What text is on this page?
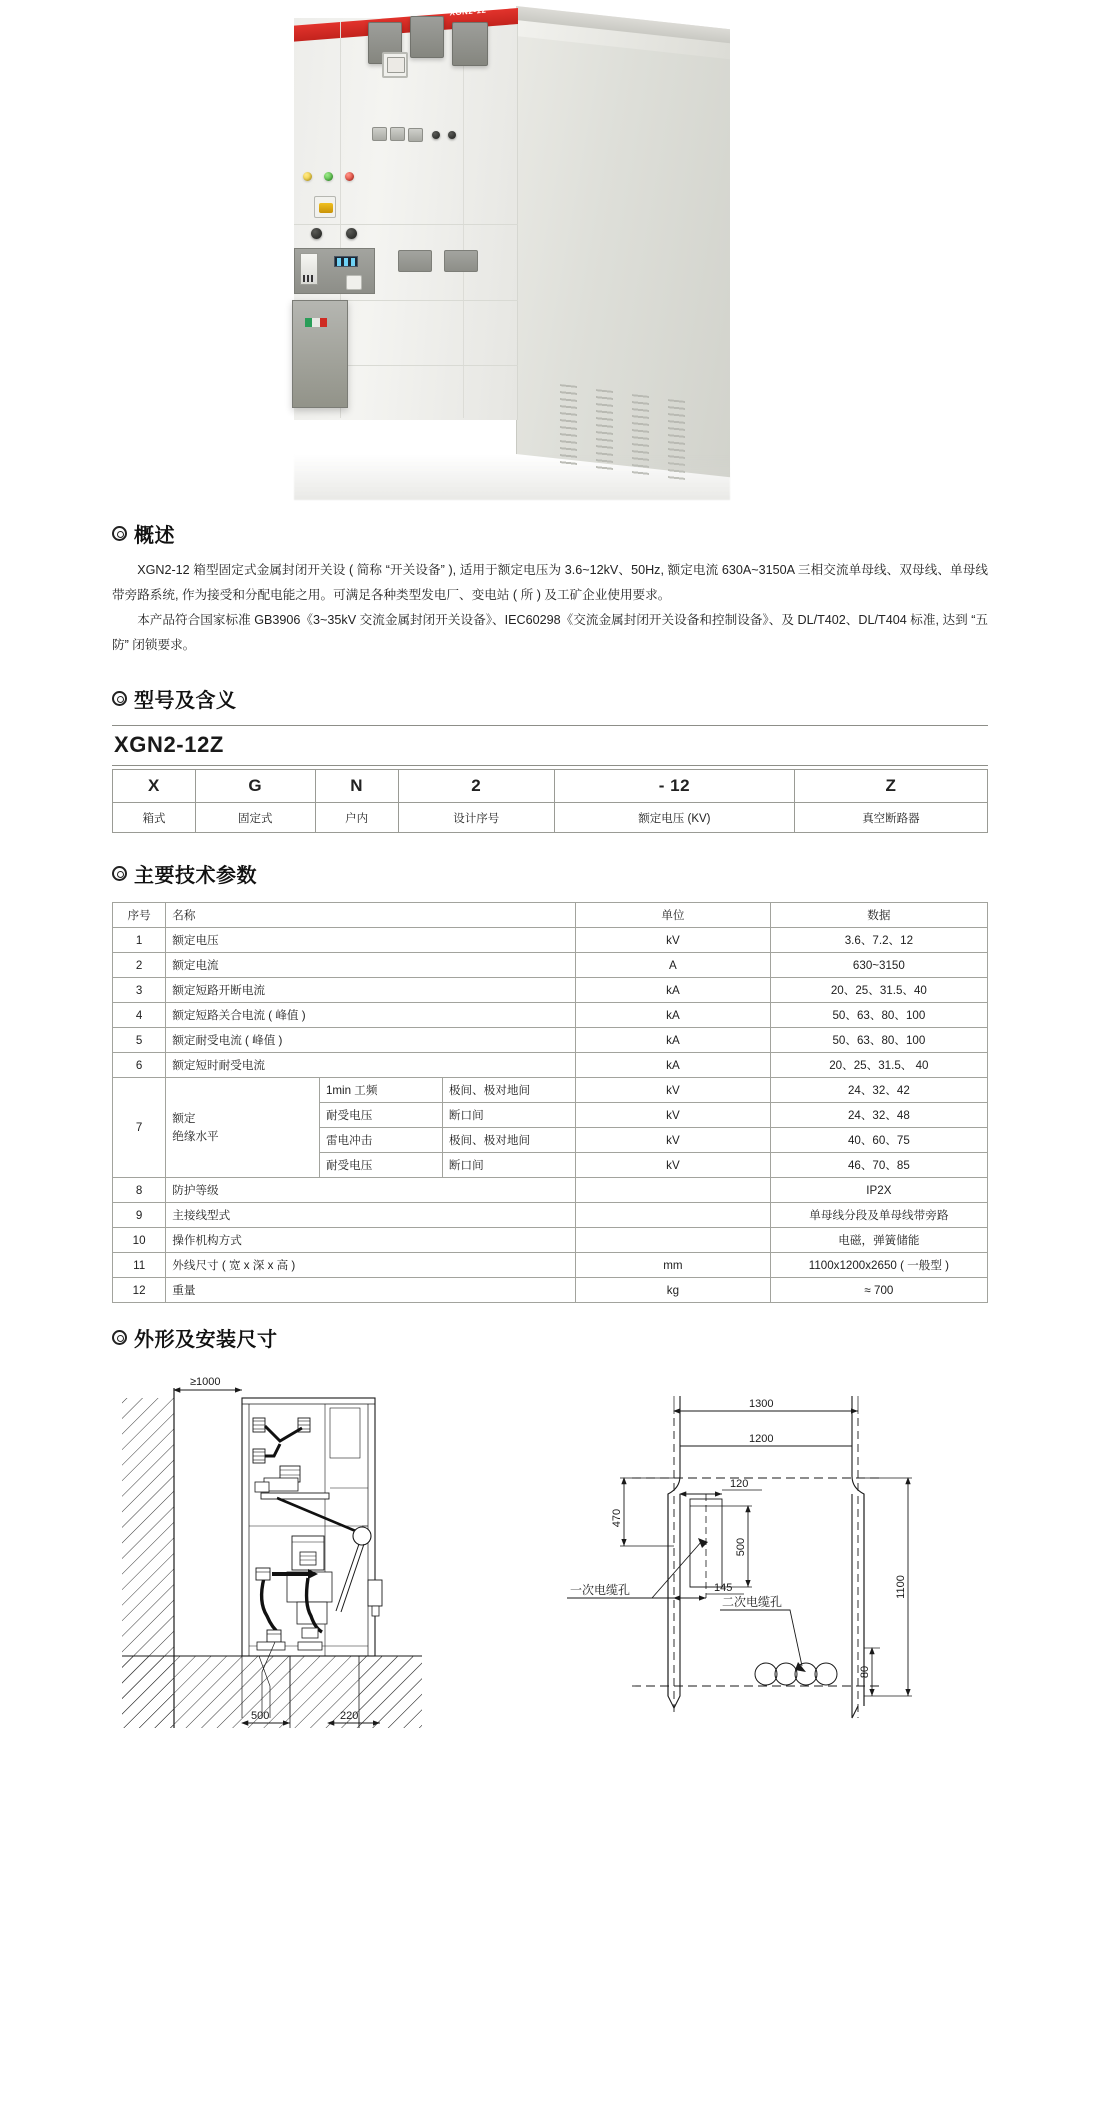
XGN2-12
概述

XGN2-12 箱型固定式金属封闭开关设 ( 简称 “开关设备” ), 适用于额定电压为 3.6~12kV、50Hz, 额定电流 630A~3150A 三相交流单母线、双母线、单母线带旁路系统, 作为接受和分配电能之用。可满足各种类型发电厂、变电站 ( 所 ) 及工矿企业使用要求。

本产品符合国家标准 GB3906《3~35kV 交流金属封闭开关设备》、IEC60298《交流金属封闭开关设备和控制设备》、及 DL/T402、DL/T404 标准, 达到 “五防” 闭锁要求。

型号及含义
XGN2-12Z
X	G	N	2	- 12	Z
箱式	固定式	户内	设计序号	额定电压 (KV)	真空断路器
主要技术参数
序号	名称			单位	数据
1	额定电压			kV	3.6、7.2、12
2	额定电流			A	630~3150
3	额定短路开断电流			kA	20、25、31.5、40
4	额定短路关合电流 ( 峰值 )			kA	50、63、80、100
5	额定耐受电流 ( 峰值 )			kA	50、63、80、100
6	额定短时耐受电流			kA	20、25、31.5、 40
7	额定
绝缘水平	1min 工频	极间、极对地间	kV	24、32、42
		耐受电压	断口间	kV	24、32、48
		雷电冲击	极间、极对地间	kV	40、60、75
		耐受电压	断口间	kV	46、70、85
8	防护等级				IP2X
9	主接线型式				单母线分段及单母线带旁路
10	操作机构方式				电磁，弹簧储能
11	外线尺寸 ( 宽 x 深 x 高 )			mm	1100x1200x2650 ( 一般型 )
12	重量			kg	≈ 700
外形及安装尺寸
≥1000
500	220
1300
1200
470
120
500
145
一次电缆孔
二次电缆孔
1100
80
